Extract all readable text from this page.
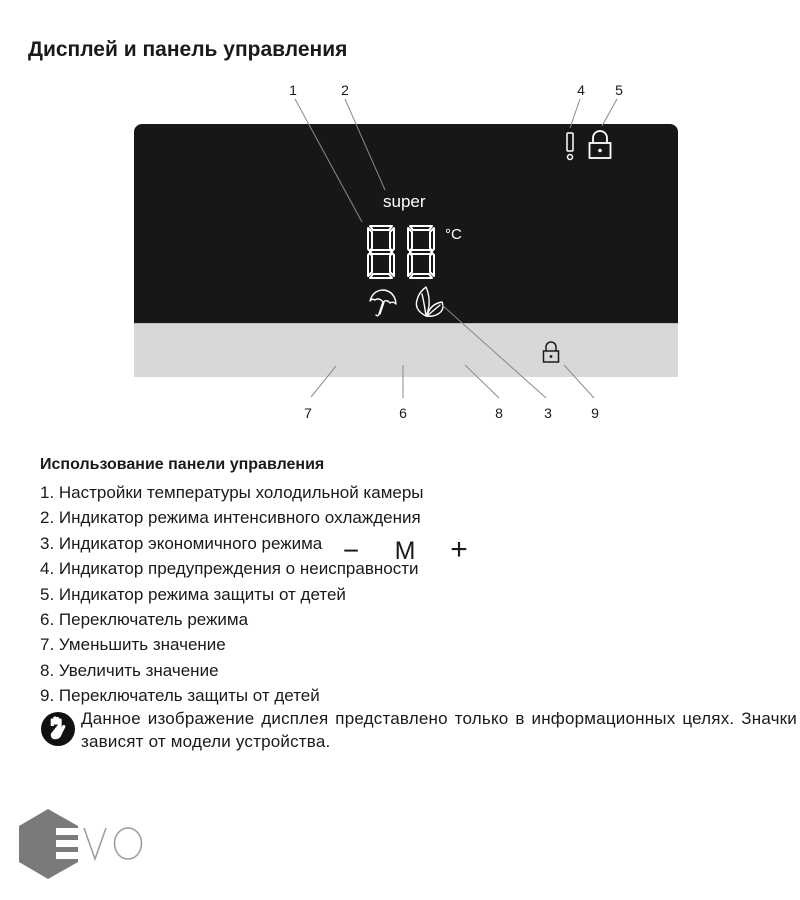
Дисплей и панель управления
1	2	4 5
7	6	8	3	9
super
°C
− M +
Использование панели управления
1. Настройки температуры холодильной камеры
2. Индикатор режима интенсивного охлаждения
3. Индикатор экономичного режима
4. Индикатор предупреждения о неисправности
5. Индикатор режима защиты от детей
6. Переключатель режима
7. Уменьшить значение
8. Увеличить значение
9. Переключатель защиты от детей
Данное изображение дисплея представлено только в информационных целях. Значки зависят от модели устройства.
